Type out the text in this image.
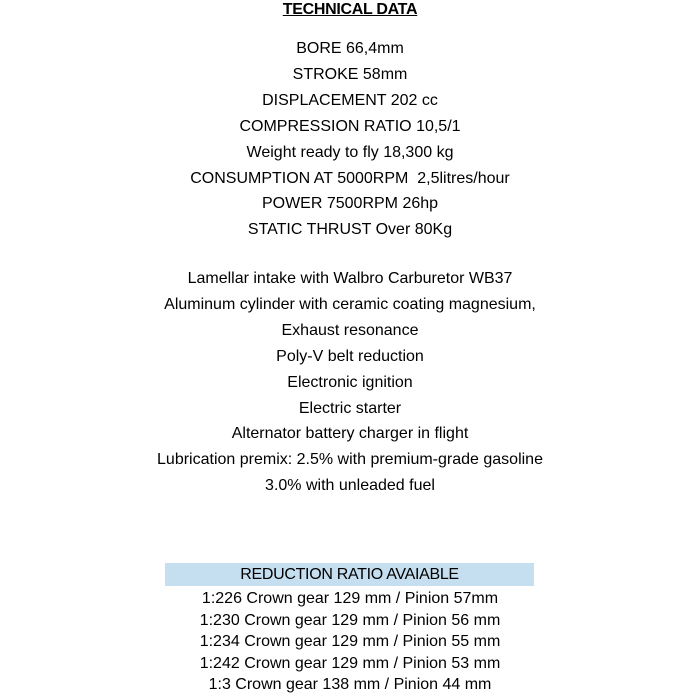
TECHNICAL DATA
BORE 66,4mm
STROKE 58mm
DISPLACEMENT 202 cc
COMPRESSION RATIO 10,5/1
Weight ready to fly 18,300 kg
CONSUMPTION AT 5000RPM  2,5litres/hour
POWER 7500RPM 26hp
STATIC THRUST Over 80Kg
Lamellar intake with Walbro Carburetor WB37
Aluminum cylinder with ceramic coating magnesium,
Exhaust resonance
Poly-V belt reduction
Electronic ignition
Electric starter
Alternator battery charger in flight
Lubrication premix: 2.5% with premium-grade gasoline
3.0% with unleaded fuel
REDUCTION RATIO AVAIABLE
1:226 Crown gear 129 mm / Pinion 57mm
1:230 Crown gear 129 mm / Pinion 56 mm
1:234 Crown gear 129 mm / Pinion 55 mm
1:242 Crown gear 129 mm / Pinion 53 mm
1:3 Crown gear 138 mm / Pinion 44 mm
